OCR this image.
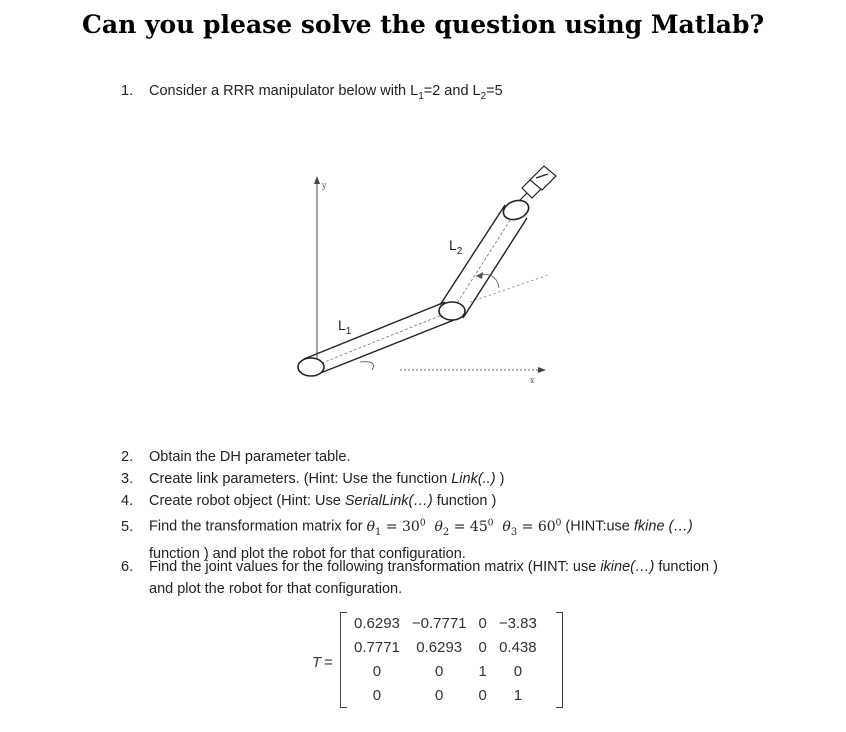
Can you please solve the question using Matlab?
1. Consider a RRR manipulator below with $L_1=2$ and $L_2=5$
y
x
$L_1$
$L_2$
2. Obtain the DH parameter table.
3. Create link parameters. (Hint: Use the function Link(..) )
4. Create robot object (Hint: Use SerialLink(…) function )
5. Find the transformation matrix for $\theta_1 = 30^0$ $\theta_2 = 45^0$ $\theta_3 = 60^0$ (HINT:use fkine (…)
function ) and plot the robot for that configuration.
6. Find the joint values for the following transformation matrix (HINT: use ikine(…) function )
and plot the robot for that configuration.
T =
0.6293	−0.7771	0	−3.83
0.7771	0.6293	0	0.438
0	0	1	0
0	0	0	1
